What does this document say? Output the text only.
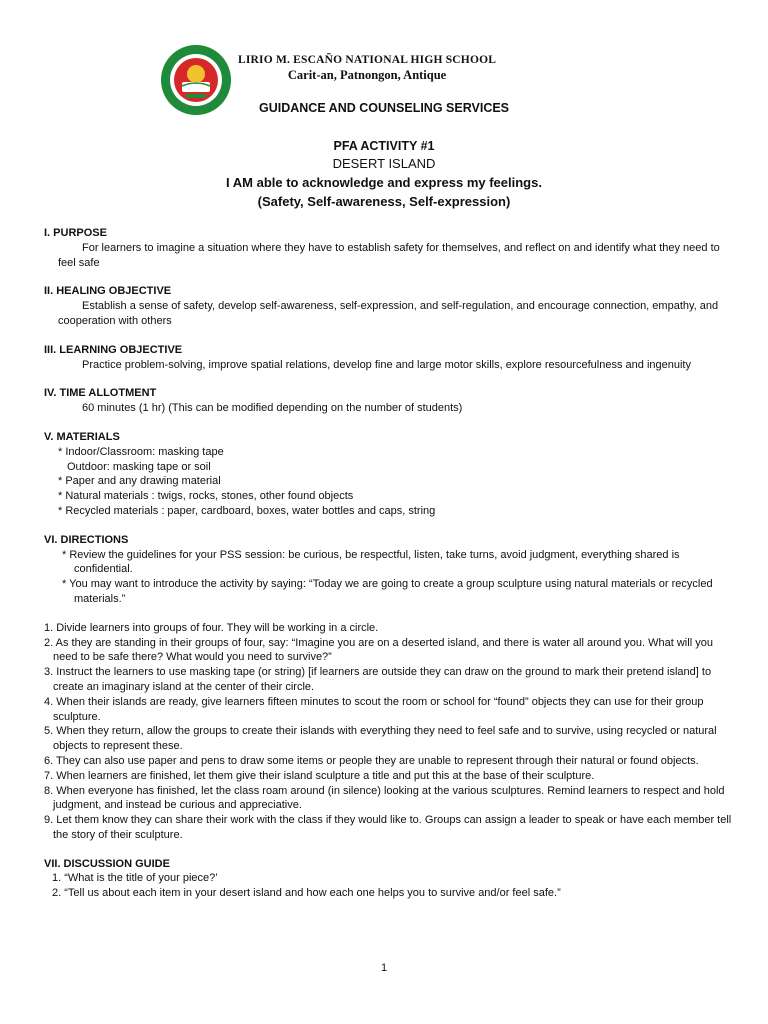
LIRIO M. ESCAÑO NATIONAL HIGH SCHOOL
Carit-an, Patnongon, Antique
GUIDANCE AND COUNSELING SERVICES
PFA ACTIVITY #1
DESERT ISLAND
I AM able to acknowledge and express my feelings.
(Safety, Self-awareness, Self-expression)
I. PURPOSE
For learners to imagine a situation where they have to establish safety for themselves, and reflect on and identify what they need to feel safe
II. HEALING OBJECTIVE
Establish a sense of safety, develop self-awareness, self-expression, and self-regulation, and encourage connection, empathy, and cooperation with others
III. LEARNING OBJECTIVE
Practice problem-solving, improve spatial relations, develop fine and large motor skills, explore resourcefulness and ingenuity
IV. TIME ALLOTMENT
60 minutes (1 hr) (This can be modified depending on the number of students)
V. MATERIALS
* Indoor/Classroom: masking tape
Outdoor: masking tape or soil
* Paper and any drawing material
* Natural materials : twigs, rocks, stones, other found objects
* Recycled materials : paper, cardboard, boxes, water bottles and caps, string
VI. DIRECTIONS
* Review the guidelines for your PSS session: be curious, be respectful, listen, take turns, avoid judgment, everything shared is confidential.
* You may want to introduce the activity by saying: “Today we are going to create a group sculpture using natural materials or recycled materials.”
1. Divide learners into groups of four. They will be working in a circle.
2. As they are standing in their groups of four, say: “Imagine you are on a deserted island, and there is water all around you. What will you need to be safe there? What would you need to survive?”
3. Instruct the learners to use masking tape (or string) [if learners are outside they can draw on the ground to mark their pretend island] to create an imaginary island at the center of their circle.
4. When their islands are ready, give learners fifteen minutes to scout the room or school for “found” objects they can use for their group sculpture.
5. When they return, allow the groups to create their islands with everything they need to feel safe and to survive, using recycled or natural objects to represent these.
6. They can also use paper and pens to draw some items or people they are unable to represent through their natural or found objects.
7. When learners are finished, let them give their island sculpture a title and put this at the base of their sculpture.
8. When everyone has finished, let the class roam around (in silence) looking at the various sculptures. Remind learners to respect and hold judgment, and instead be curious and appreciative.
9. Let them know they can share their work with the class if they would like to. Groups can assign a leader to speak or have each member tell the story of their sculpture.
VII. DISCUSSION GUIDE
1. “What is the title of your piece?’
2. “Tell us about each item in your desert island and how each one helps you to survive and/or feel safe.”
1
